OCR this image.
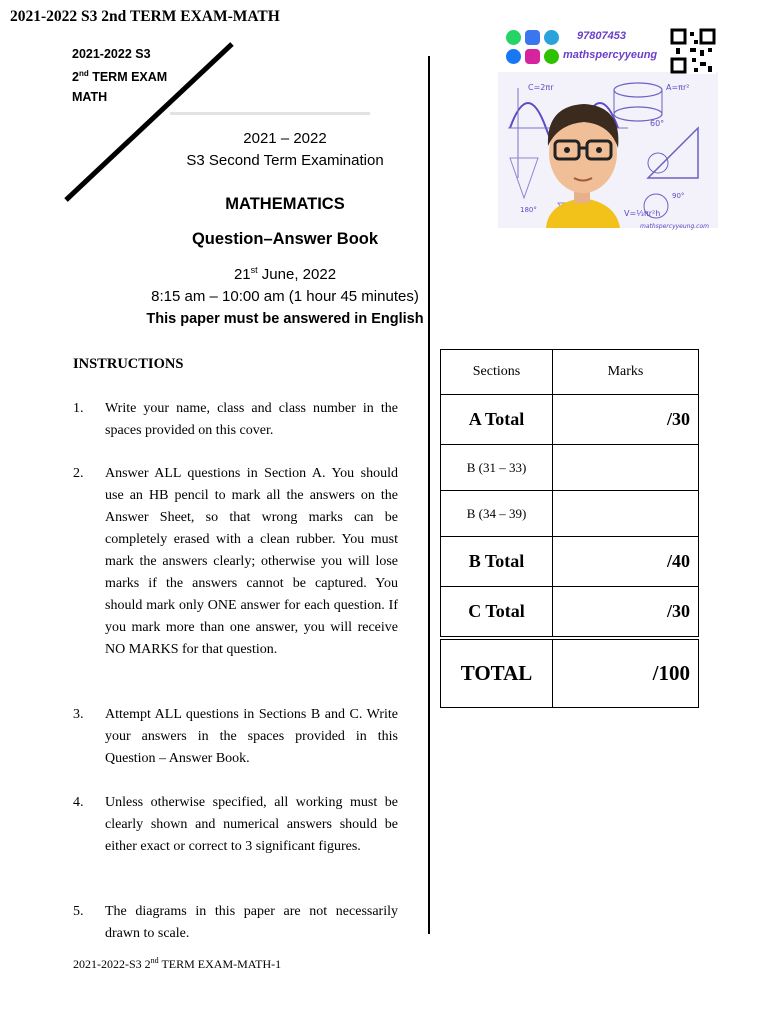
2021-2022 S3 2nd TERM EXAM-MATH
2021-2022 S3
2nd TERM EXAM
MATH
2021 – 2022
S3 Second Term Examination
MATHEMATICS
Question–Answer Book
21st June, 2022
8:15 am – 10:00 am (1 hour 45 minutes)
This paper must be answered in English
INSTRUCTIONS
1. Write your name, class and class number in the spaces provided on this cover.
2. Answer ALL questions in Section A. You should use an HB pencil to mark all the answers on the Answer Sheet, so that wrong marks can be completely erased with a clean rubber. You must mark the answers clearly; otherwise you will lose marks if the answers cannot be captured. You should mark only ONE answer for each question. If you mark more than one answer, you will receive NO MARKS for that question.
3. Attempt ALL questions in Sections B and C. Write your answers in the spaces provided in this Question – Answer Book.
4. Unless otherwise specified, all working must be clearly shown and numerical answers should be either exact or correct to 3 significant figures.
5. The diagrams in this paper are not necessarily drawn to scale.
Sections	Marks
A Total	/30
B (31 – 33)	
B (34 – 39)	
B Total	/40
C Total	/30
TOTAL	/100
C=2πr	A=πr²
60°
V=⅓πr²h
90°
180°
mathspercyyeung.com
$^{97807453}$
$^{mathspercyyeung}$
2021-2022-S3 2nd TERM EXAM-MATH-1
